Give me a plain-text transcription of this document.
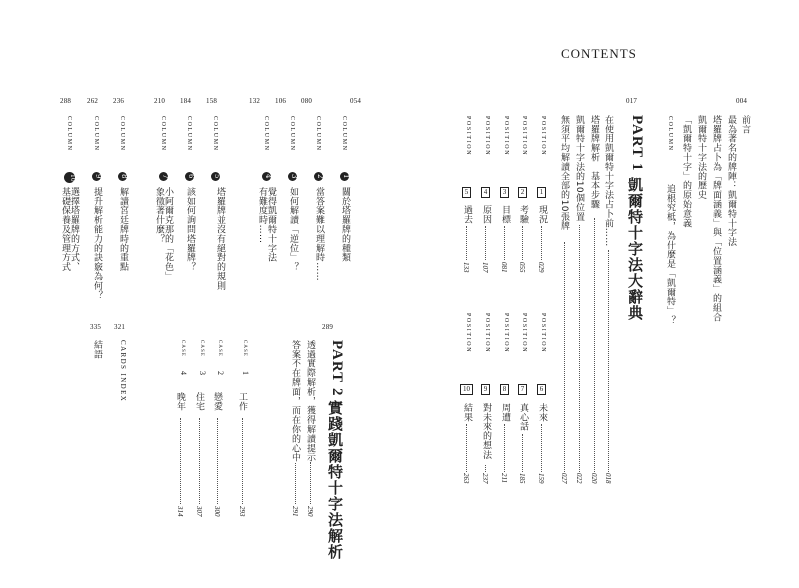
CONTENTS
004
017
前言
最為著名的牌陣：凱爾特十字法
塔羅牌占卜為「牌面涵義」與「位置涵義」的組合
凱爾特十字法的歷史
「凱爾特十字」的原始意義
COLUMN
追根究柢，為什麼是「凱爾特」？
PART 1
凱爾特十字法大辭典
在使用凱爾特十字法占卜前……
018
塔羅牌解析　基本步驟
020
凱爾特十字法的10個位置
022
無須平均解讀全部的10張牌
027
POSITION
1
現況
029
POSITION
2
考驗
055
POSITION
3
目標
081
POSITION
4
原因
107
POSITION
5
過去
133
POSITION
6
未來
159
POSITION
7
真心話
185
POSITION
8
周遭
211
POSITION
9
對未來的想法
237
POSITION
10
結果
263
054
080
106
132
158
184
210
236
262
288
COLUMN
1
關於塔羅牌的種類
COLUMN
2
當答案難以理解時……
COLUMN
3
如何解讀「逆位」？
COLUMN
4
覺得凱爾特十字法有難度時……
COLUMN
5
塔羅牌並沒有絕對的規則
COLUMN
6
該如何詢問塔羅牌？
COLUMN
7
小阿爾克那的「花色」象徵著什麼？
COLUMN
8
解讀宮廷牌時的重點
COLUMN
9
提升解析能力的訣竅為何？
COLUMN
10
選擇塔羅牌的方式、基礎保養及管理方式
289
PART 2
實踐凱爾特十字法解析
透過實際解析，獲得解讀提示
290
答案不在牌面，而在你的心中
291
CASE
1
工作
293
CASE
2
戀愛
300
CASE
3
住宅
307
CASE
4
晚年
314
321
335
CARDS INDEX
結語
